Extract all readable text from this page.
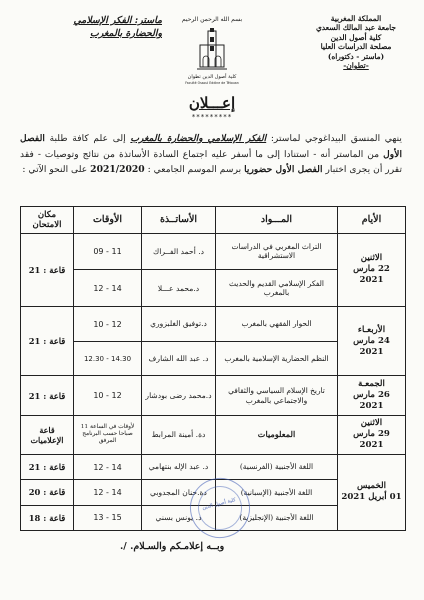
المملكة المغربية
جامعة عبد المالك السعدي
كلية أصول الدين
مصلحة الدراسات العليا
(ماستر - دكتوراه)
-تطوان-
بسم الله الرحمن الرحيم
كلية أصول الدين تطوان
Faculté Ossoul Eddine de Tétouan
ماستر: الفكر الإسلامي
والحضارة بالمغرب
إعـــلان
*********

ينهي المنسق البيداغوجي لماستر: الفكر الإسلامي والحضارة بالمغرب إلى علم كافة طلبة الفصل الأول من الماستر أنه - استنادا إلى ما أسفر عليه اجتماع السادة الأساتذة من نتائج وتوصيات - فقد تقرر أن يجرى اختبار الفصل الأول حضوريا برسم الموسم الجامعي : 2021/2020 على النحو الآتي :

الأيام	المـــواد	الأساتــذة	الأوقات	مكان الامتحان
الاثنين
22 مارس 2021	التراث المغربي في الدراسات الاستشراقية	د. أحمد الفــراك	09 - 11	قاعة : 21
	الفكر الإسلامي القديم والحديث بالمغرب	د.محمد عـــلا	12 - 14	
الأربعـاء
24 مارس 2021	الحوار الفقهي بالمغرب	د.توفيق الغلبزوري	10 - 12	قاعة : 21
	النظم الحضارية الإسلامية بالمغرب	د. عبد الله الشارف	12.30 - 14.30	
الجمعـة
26 مارس 2021	تاريخ الإسلام السياسي والثقافي والاجتماعي بالمغرب	د.محمد رضى بودشار	10 - 12	قاعة : 21
الاثنين
29 مارس 2021	المعلوميات	دة. أمينة المرابط	لأوقات في الساعة 11 صباحا حسب البرنامج المرفق	قاعة الإعلاميات
الخميس
01 أبريل 2021	اللغة الأجنبية (الفرنسية)	د. عبد الإله بنتهامي	12 - 14	قاعة : 21
	اللغة الأجنبية (الإسبانية)	دة.حنان المجدوبي	12 - 14	قاعة : 20
	اللغة الأجنبية (الإنجليزية)	د. يونس بسني	13 - 15	قاعة : 18
كلية أصول الدين
وبــه إعلامـكم والسـلام. /.
